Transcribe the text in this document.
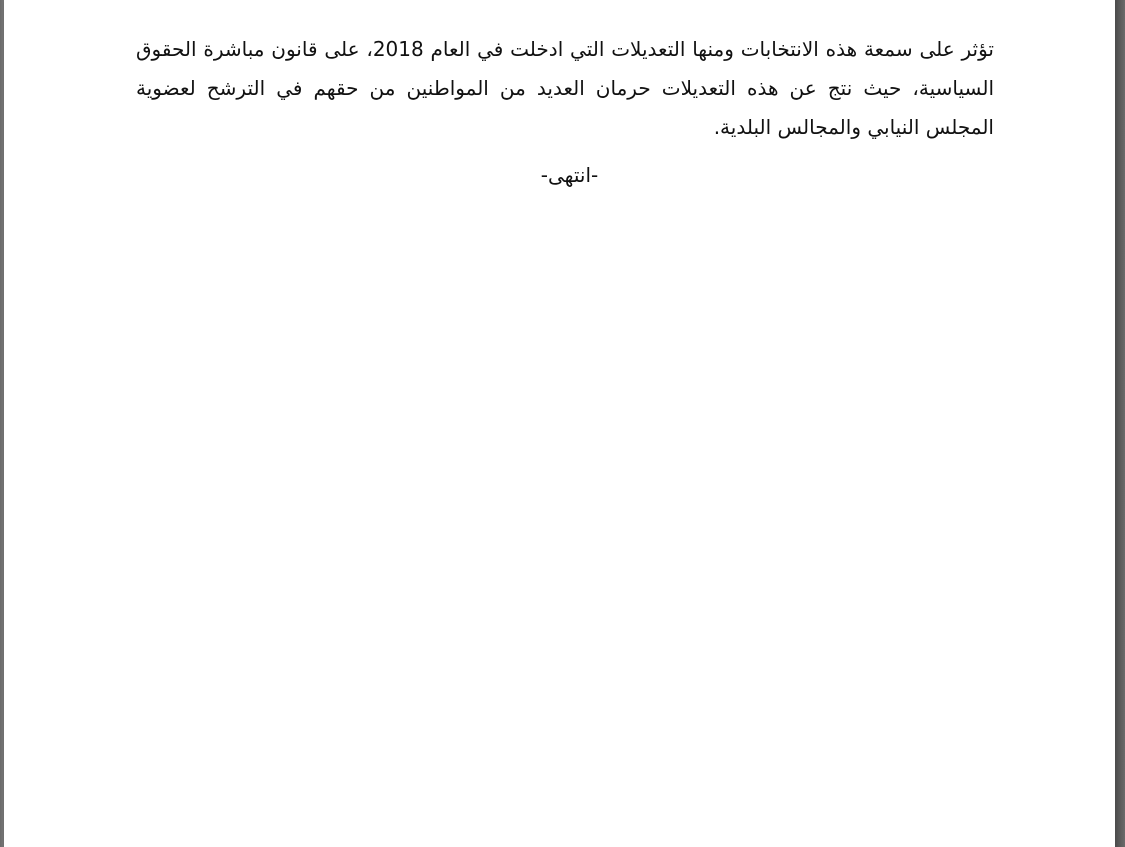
تؤثر على سمعة هذه الانتخابات ومنها التعديلات التي ادخلت في العام 2018، على قانون مباشرة الحقوق السياسية، حيث نتج عن هذه التعديلات حرمان العديد من المواطنين من حقهم في الترشح لعضوية المجلس النيابي والمجالس البلدية.

-انتهى-
